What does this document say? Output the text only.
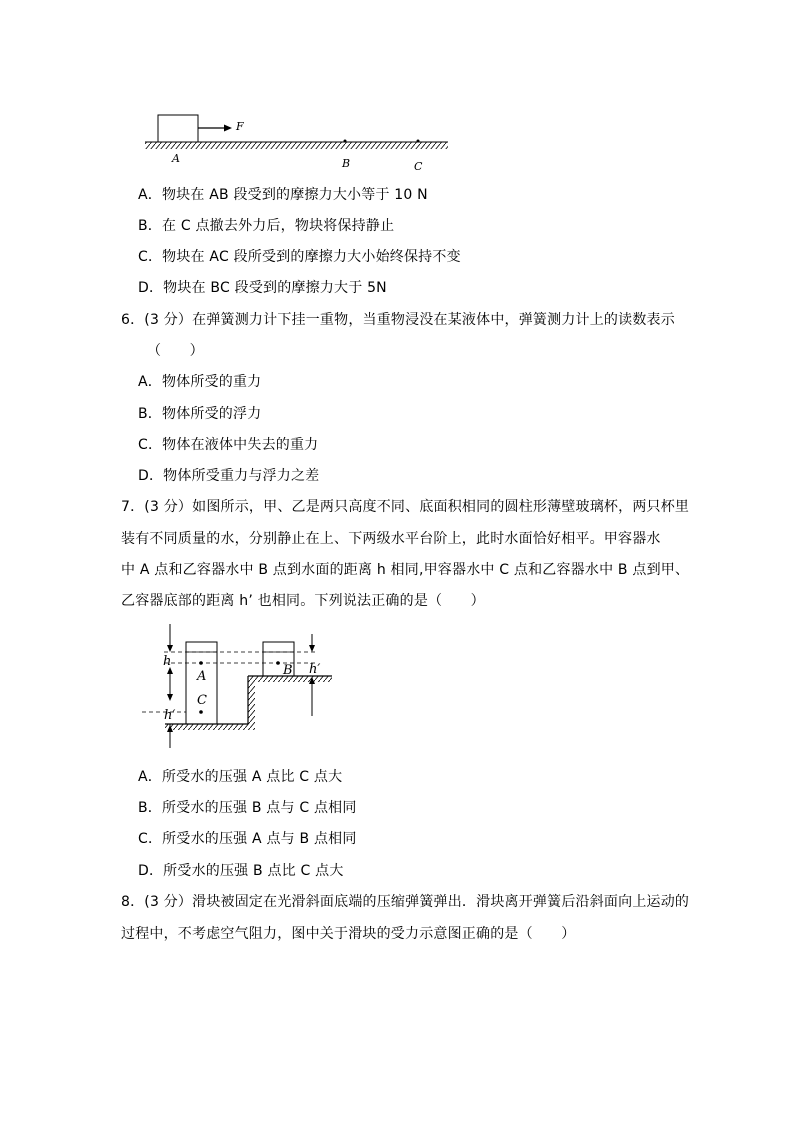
F
A	B	C
A．物块在 AB 段受到的摩擦力大小等于 10 N
B．在 C 点撤去外力后，物块将保持静止
C．物块在 AC 段所受到的摩擦力大小始终保持不变
D．物块在 BC 段受到的摩擦力大于 5N
6．(3 分）在弹簧测力计下挂一重物，当重物浸没在某液体中，弹簧测力计上的读数表示
（　　）
A．物体所受的重力
B．物体所受的浮力
C．物体在液体中失去的重力
D．物体所受重力与浮力之差
7．(3 分）如图所示，甲、乙是两只高度不同、底面积相同的圆柱形薄壁玻璃杯，两只杯里
装有不同质量的水，分别静止在上、下两级水平台阶上，此时水面恰好相平。甲容器水
中 A 点和乙容器水中 B 点到水面的距离 h 相同,甲容器水中 C 点和乙容器水中 B 点到甲、
乙容器底部的距离 h’ 也相同。下列说法正确的是（　　）
A	B
C
h
h′
h′
A．所受水的压强 A 点比 C 点大
B．所受水的压强 B 点与 C 点相同
C．所受水的压强 A 点与 B 点相同
D．所受水的压强 B 点比 C 点大
8．(3 分）滑块被固定在光滑斜面底端的压缩弹簧弹出．滑块离开弹簧后沿斜面向上运动的
过程中，不考虑空气阻力，图中关于滑块的受力示意图正确的是（　　）
